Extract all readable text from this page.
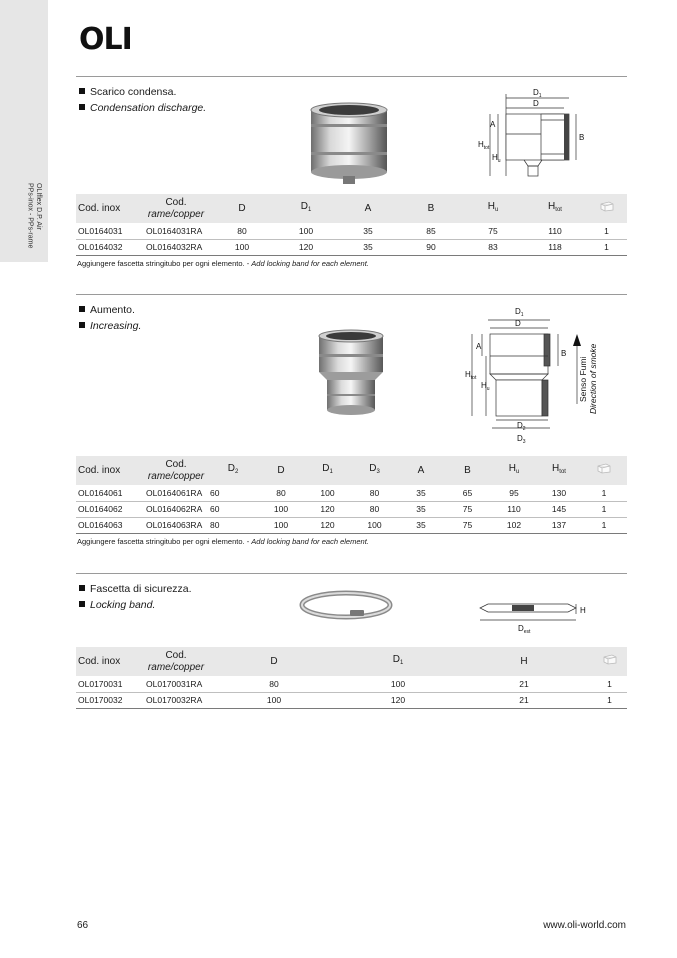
OLIflex D.P. Air
PPs-inox - PPs-rame
OLI
Scarico condensa.
Condensation discharge.
$D_1$
D
A
B
$H_{tot}$
$H_u$
Cod. inox	Cod.
rame/copper	D	$D_1$	A	B	$H_u$	$H_{tot}$	
OL0164031	OL0164031RA	80	100	35	85	75	110	1
OL0164032	OL0164032RA	100	120	35	90	83	118	1
Aggiungere fascetta stringitubo per ogni elemento. - Add locking band for each element.
Aumento.
Increasing.
$D_1$
D
A
B
$H_{tot}$
$H_u$
$D_2$
$D_3$
Senso Fumi Direction of smoke
Cod. inox	Cod.
rame/copper	$D_2$	D	$D_1$	$D_3$	A	B	$H_u$	$H_{tot}$	
OL0164061	OL0164061RA	60	80	100	80	35	65	95	130	1
OL0164062	OL0164062RA	60	100	120	80	35	75	110	145	1
OL0164063	OL0164063RA	80	100	120	100	35	75	102	137	1
Aggiungere fascetta stringitubo per ogni elemento. - Add locking band for each element.
Fascetta di sicurezza.
Locking band.	H
$D_{est}$
Cod. inox	Cod.
rame/copper	D	$D_1$	H	
OL0170031	OL0170031RA	80	100	21	1
OL0170032	OL0170032RA	100	120	21	1
66	www.oli-world.com
